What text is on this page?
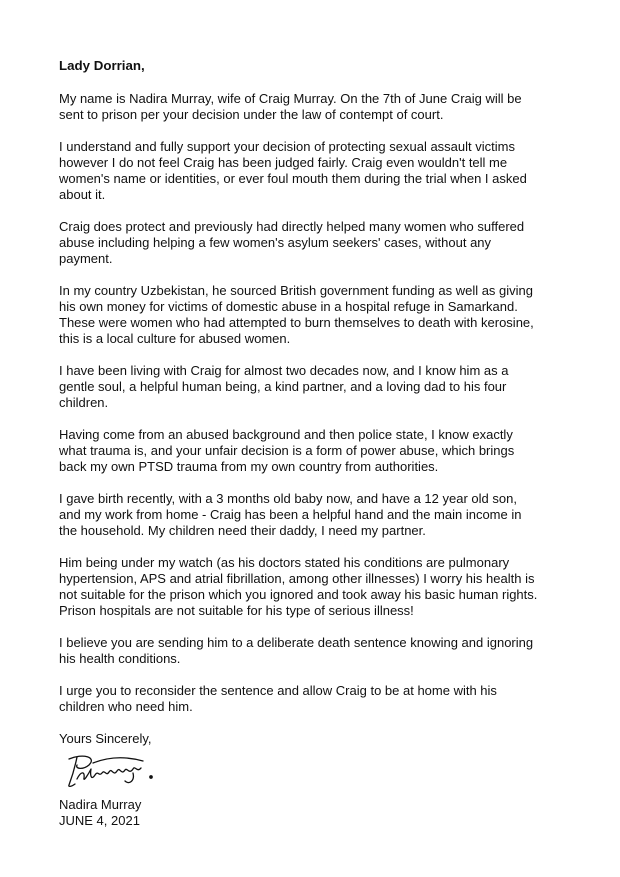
Lady Dorrian,
My name is Nadira Murray, wife of Craig Murray. On the 7th of June Craig will be
sent to prison per your decision under the law of contempt of court.
I understand and fully support your decision of protecting sexual assault victims
however I do not feel Craig has been judged fairly. Craig even wouldn't tell me
women's name or identities, or ever foul mouth them during the trial when I asked
about it.
Craig does protect and previously had directly helped many women who suffered
abuse including helping a few women's asylum seekers' cases, without any
payment.
In my country Uzbekistan, he sourced British government funding as well as giving
his own money for victims of domestic abuse in a hospital refuge in Samarkand.
These were women who had attempted to burn themselves to death with kerosine,
this is a local culture for abused women.
I have been living with Craig for almost two decades now, and I know him as a
gentle soul, a helpful human being, a kind partner, and a loving dad to his four
children.
Having come from an abused background and then police state, I know exactly
what trauma is, and your unfair decision is a form of power abuse, which brings
back my own PTSD trauma from my own country from authorities.
I gave birth recently, with a 3 months old baby now, and have a 12 year old son,
and my work from home - Craig has been a helpful hand and the main income in
the household. My children need their daddy, I need my partner.
Him being under my watch (as his doctors stated his conditions are pulmonary
hypertension, APS and atrial fibrillation, among other illnesses) I worry his health is
not suitable for the prison which you ignored and took away his basic human rights.
Prison hospitals are not suitable for his type of serious illness!
I believe you are sending him to a deliberate death sentence knowing and ignoring
his health conditions.
I urge you to reconsider the sentence and allow Craig to be at home with his
children who need him.
Yours Sincerely,
Nadira Murray
JUNE 4, 2021
